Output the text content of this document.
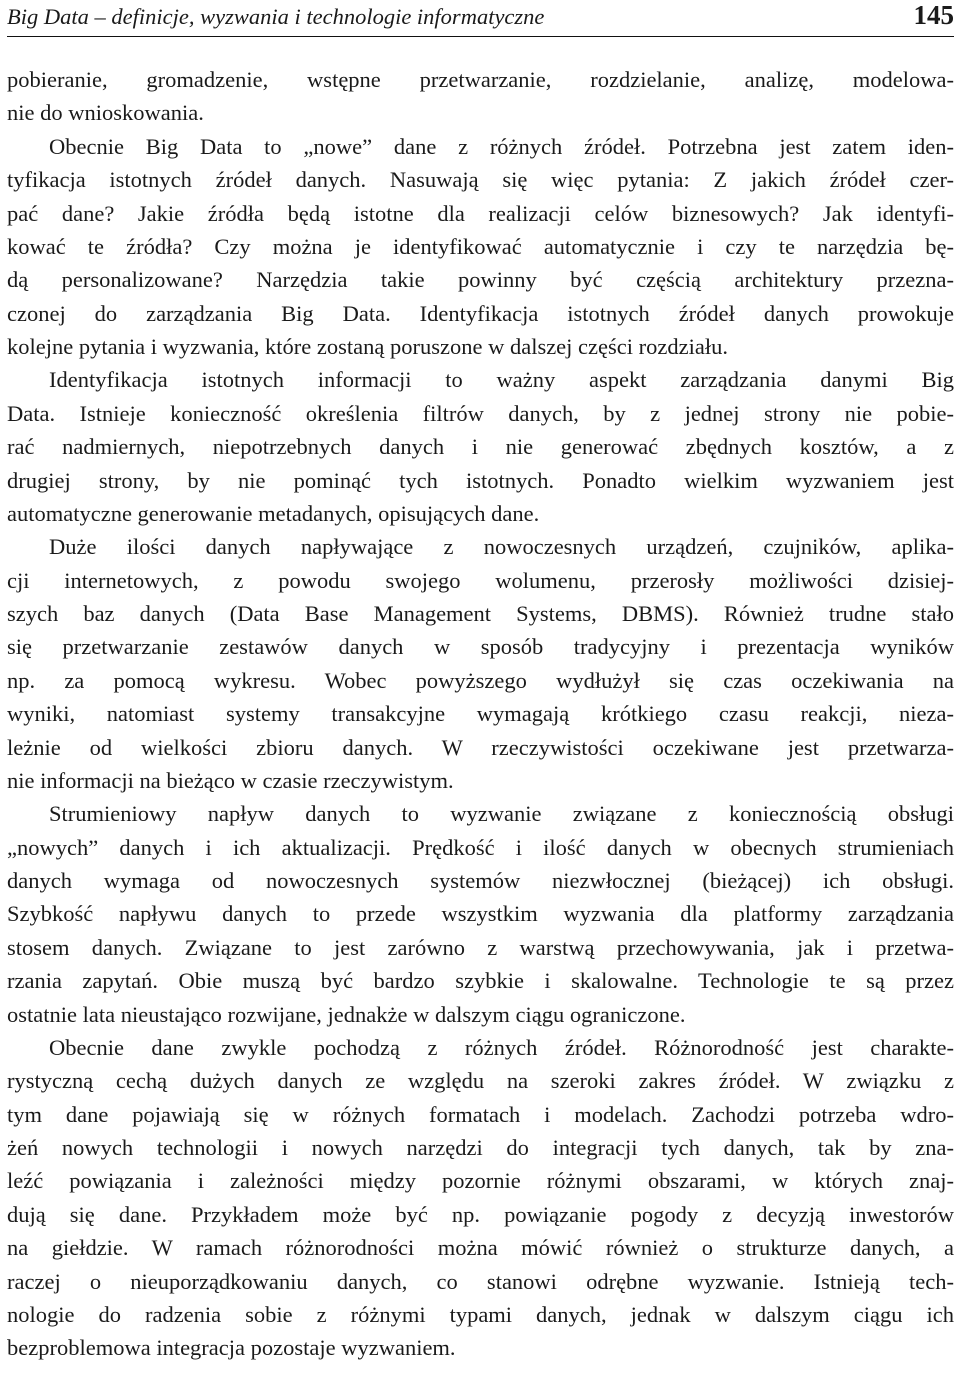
Big Data – definicje, wyzwania i technologie informatyczne	145
pobieranie, gromadzenie, wstępne przetwarzanie, rozdzielanie, analizę, modelowa-
nie do wnioskowania.
Obecnie Big Data to „nowe” dane z różnych źródeł. Potrzebna jest zatem iden-
tyfikacja istotnych źródeł danych. Nasuwają się więc pytania: Z jakich źródeł czer-
pać dane? Jakie źródła będą istotne dla realizacji celów biznesowych? Jak identyfi-
kować te źródła? Czy można je identyfikować automatycznie i czy te narzędzia bę-
dą personalizowane? Narzędzia takie powinny być częścią architektury przezna-
czonej do zarządzania Big Data. Identyfikacja istotnych źródeł danych prowokuje
kolejne pytania i wyzwania, które zostaną poruszone w dalszej części rozdziału.
Identyfikacja istotnych informacji to ważny aspekt zarządzania danymi Big
Data. Istnieje konieczność określenia filtrów danych, by z jednej strony nie pobie-
rać nadmiernych, niepotrzebnych danych i nie generować zbędnych kosztów, a z
drugiej strony, by nie pominąć tych istotnych. Ponadto wielkim wyzwaniem jest
automatyczne generowanie metadanych, opisujących dane.
Duże ilości danych napływające z nowoczesnych urządzeń, czujników, aplika-
cji internetowych, z powodu swojego wolumenu, przerosły możliwości dzisiej-
szych baz danych (Data Base Management Systems, DBMS). Również trudne stało
się przetwarzanie zestawów danych w sposób tradycyjny i prezentacja wyników
np. za pomocą wykresu. Wobec powyższego wydłużył się czas oczekiwania na
wyniki, natomiast systemy transakcyjne wymagają krótkiego czasu reakcji, nieza-
leżnie od wielkości zbioru danych. W rzeczywistości oczekiwane jest przetwarza-
nie informacji na bieżąco w czasie rzeczywistym.
Strumieniowy napływ danych to wyzwanie związane z koniecznością obsługi
„nowych” danych i ich aktualizacji. Prędkość i ilość danych w obecnych strumieniach
danych wymaga od nowoczesnych systemów niezwłocznej (bieżącej) ich obsługi.
Szybkość napływu danych to przede wszystkim wyzwania dla platformy zarządzania
stosem danych. Związane to jest zarówno z warstwą przechowywania, jak i przetwa-
rzania zapytań. Obie muszą być bardzo szybkie i skalowalne. Technologie te są przez
ostatnie lata nieustająco rozwijane, jednakże w dalszym ciągu ograniczone.
Obecnie dane zwykle pochodzą z różnych źródeł. Różnorodność jest charakte-
rystyczną cechą dużych danych ze względu na szeroki zakres źródeł. W związku z
tym dane pojawiają się w różnych formatach i modelach. Zachodzi potrzeba wdro-
żeń nowych technologii i nowych narzędzi do integracji tych danych, tak by zna-
leźć powiązania i zależności między pozornie różnymi obszarami, w których znaj-
dują się dane. Przykładem może być np. powiązanie pogody z decyzją inwestorów
na giełdzie. W ramach różnorodności można mówić również o strukturze danych, a
raczej o nieuporządkowaniu danych, co stanowi odrębne wyzwanie. Istnieją tech-
nologie do radzenia sobie z różnymi typami danych, jednak w dalszym ciągu ich
bezproblemowa integracja pozostaje wyzwaniem.
